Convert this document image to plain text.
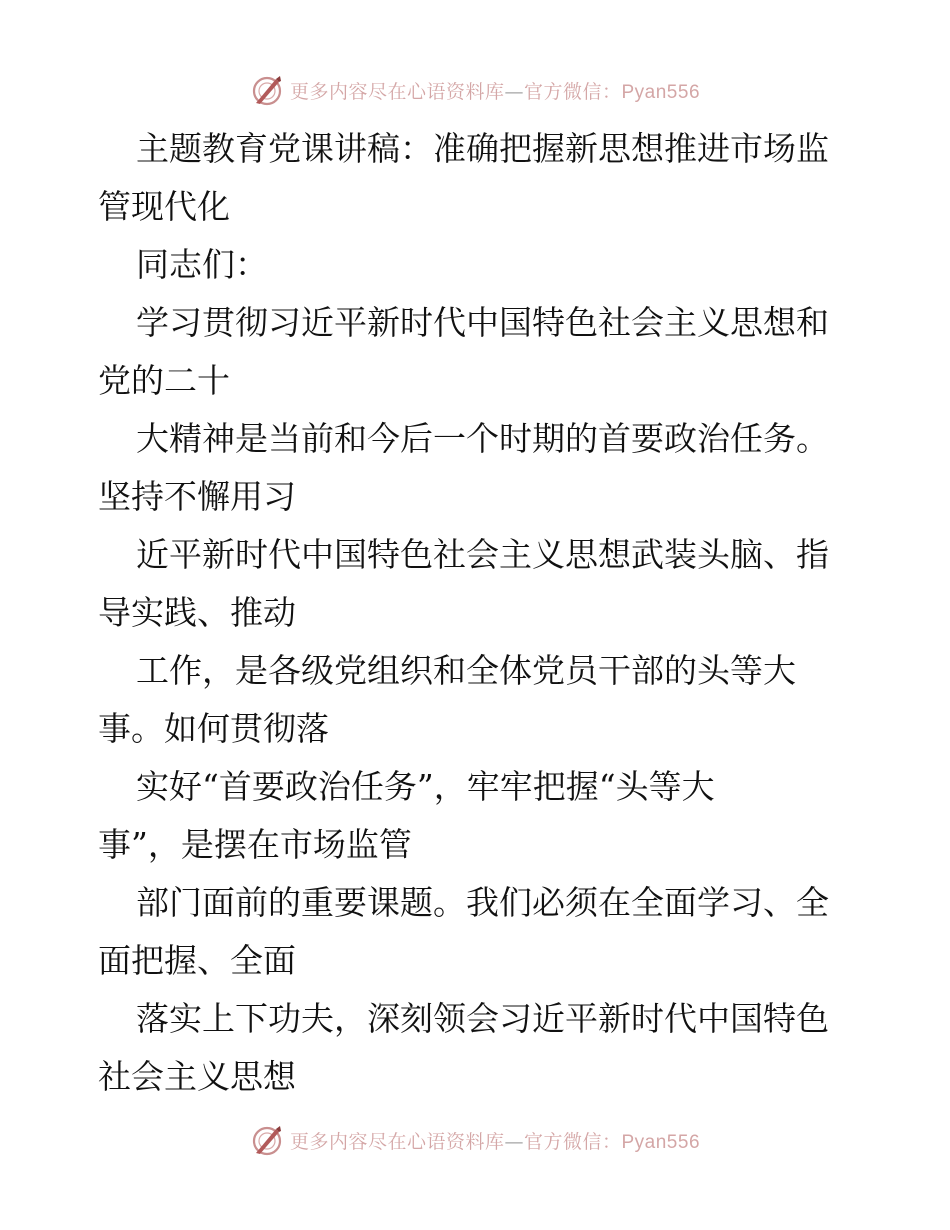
更多内容尽在心语资料库—官方微信：Pyan556
主题教育党课讲稿：准确把握新思想推进市场监
管现代化
同志们：
学习贯彻习近平新时代中国特色社会主义思想和
党的二十
大精神是当前和今后一个时期的首要政治任务。
坚持不懈用习
近平新时代中国特色社会主义思想武装头脑、指
导实践、推动
工作，是各级党组织和全体党员干部的头等大
事。如何贯彻落
实好“首要政治任务”，牢牢把握“头等大
事”，是摆在市场监管
部门面前的重要课题。我们必须在全面学习、全
面把握、全面
落实上下功夫，深刻领会习近平新时代中国特色
社会主义思想
更多内容尽在心语资料库—官方微信：Pyan556
